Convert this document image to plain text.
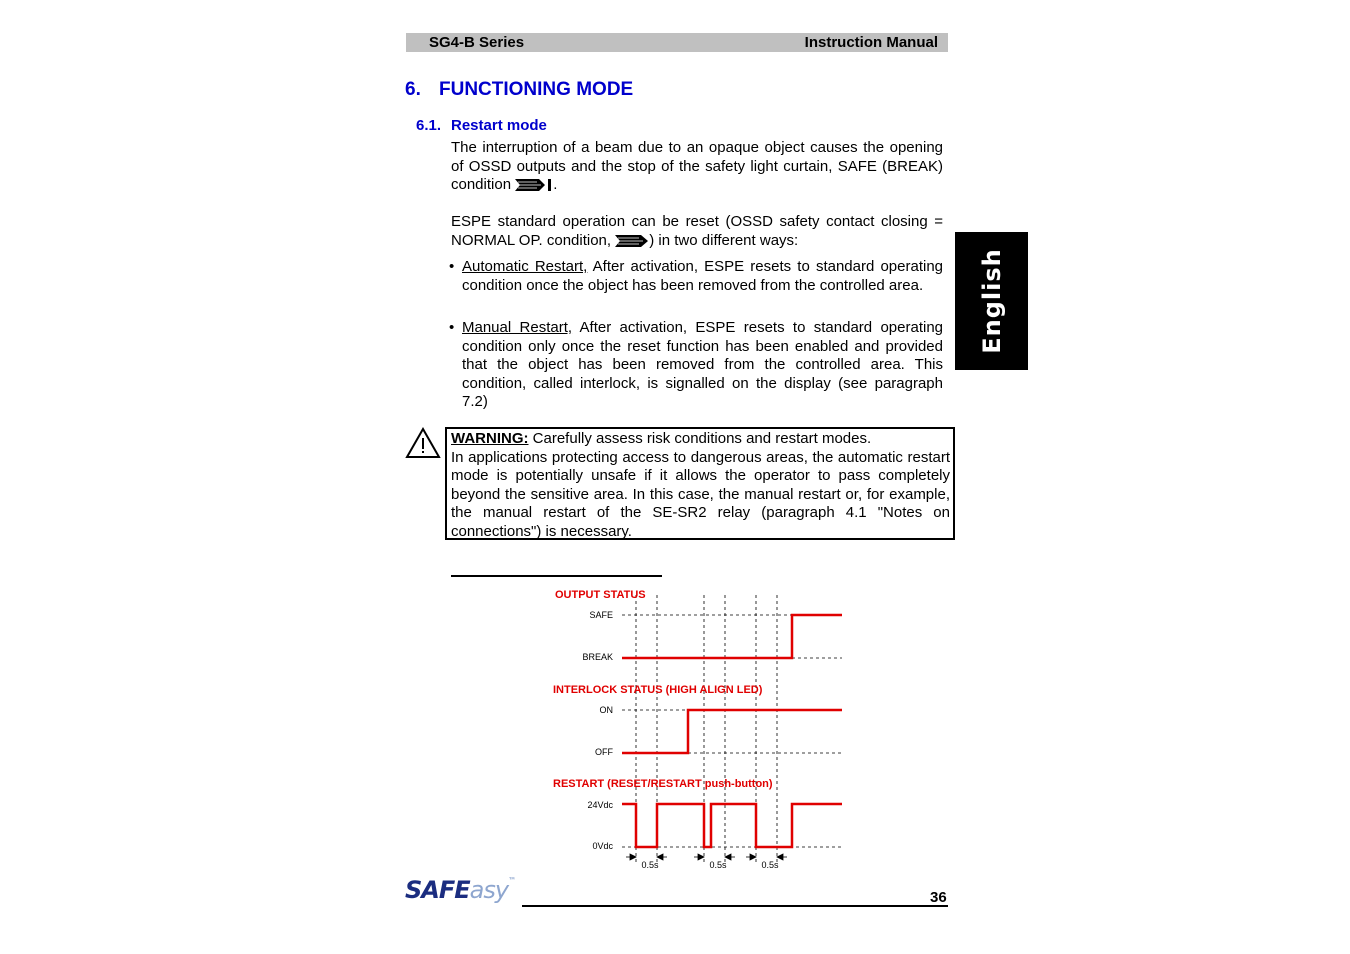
SG4-B Series	Instruction Manual
6. FUNCTIONING MODE
6.1. Restart mode
The interruption of a beam due to an opaque object causes the opening of OSSD outputs and the stop of the safety light curtain, SAFE (BREAK) condition	.
ESPE standard operation can be reset (OSSD safety contact closing = NORMAL OP. condition,	) in two different ways:
• Automatic Restart, After activation, ESPE resets to standard operating condition once the object has been removed from the controlled area.
• Manual Restart, After activation, ESPE resets to standard operating condition only once the reset function has been enabled and provided that the object has been removed from the controlled area. This condition, called interlock, is signalled on the display (see paragraph 7.2)
WARNING: Carefully assess risk conditions and restart modes.
In applications protecting access to dangerous areas, the automatic restart mode is potentially unsafe if it allows the operator to pass completely beyond the sensitive area. In this case, the manual restart or, for example, the manual restart of the SE-SR2 relay (paragraph 4.1 "Notes on connections") is necessary.
English
OUTPUT STATUS
SAFE
BREAK
INTERLOCK STATUS (HIGH ALIGN LED)
ON
OFF
RESTART (RESET/RESTART push-button)
24Vdc
0Vdc
0.5s	0.5s	0.5s
SAFEasy™
36
